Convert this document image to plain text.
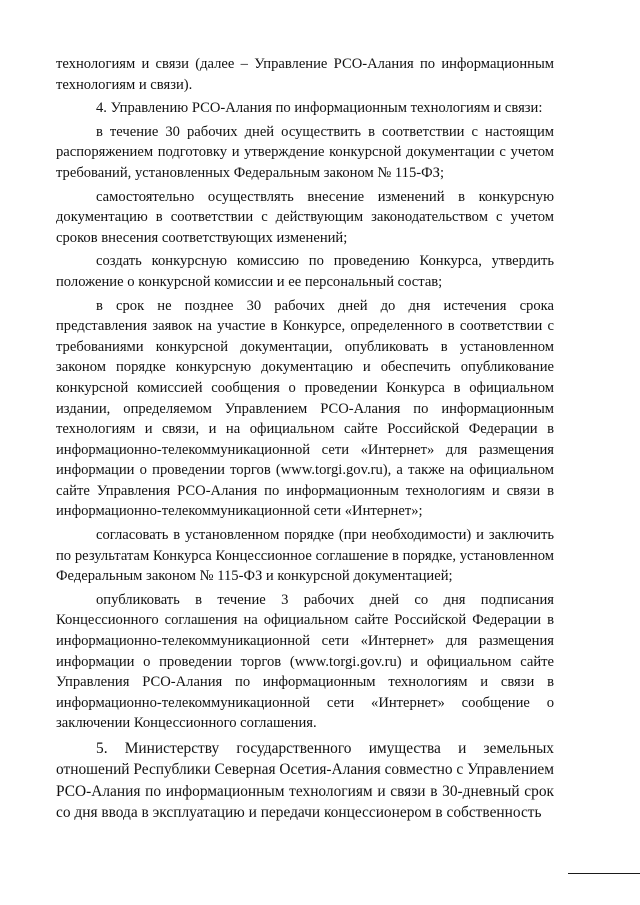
технологиям и связи (далее – Управление РСО-Алания по информационным технологиям и связи).

4. Управлению РСО-Алания по информационным технологиям и связи:

в течение 30 рабочих дней осуществить в соответствии с настоящим распоряжением подготовку и утверждение конкурсной документации с учетом требований, установленных Федеральным законом № 115-ФЗ;

самостоятельно осуществлять внесение изменений в конкурсную документацию в соответствии с действующим законодательством с учетом сроков внесения соответствующих изменений;

создать конкурсную комиссию по проведению Конкурса, утвердить положение о конкурсной комиссии и ее персональный состав;

в срок не позднее 30 рабочих дней до дня истечения срока представления заявок на участие в Конкурсе, определенного в соответствии с требованиями конкурсной документации, опубликовать в установленном законом порядке конкурсную документацию и обеспечить опубликование конкурсной комиссией сообщения о проведении Конкурса в официальном издании, определяемом Управлением РСО-Алания по информационным технологиям и связи, и на официальном сайте Российской Федерации в информационно-телекоммуникационной сети «Интернет» для размещения информации о проведении торгов (www.torgi.gov.ru), а также на официальном сайте Управления РСО-Алания по информационным технологиям и связи в информационно-телекоммуникационной сети «Интернет»;

согласовать в установленном порядке (при необходимости) и заключить по результатам Конкурса Концессионное соглашение в порядке, установленном Федеральным законом № 115-ФЗ и конкурсной документацией;

опубликовать в течение 3 рабочих дней со дня подписания Концессионного соглашения на официальном сайте Российской Федерации в информационно-телекоммуникационной сети «Интернет» для размещения информации о проведении торгов (www.torgi.gov.ru) и официальном сайте Управления РСО-Алания по информационным технологиям и связи в информационно-телекоммуникационной сети «Интернет» сообщение о заключении Концессионного соглашения.

5. Министерству государственного имущества и земельных отношений Республики Северная Осетия-Алания совместно с Управлением РСО-Алания по информационным технологиям и связи в 30-дневный срок со дня ввода в эксплуатацию и передачи концессионером в собственность
